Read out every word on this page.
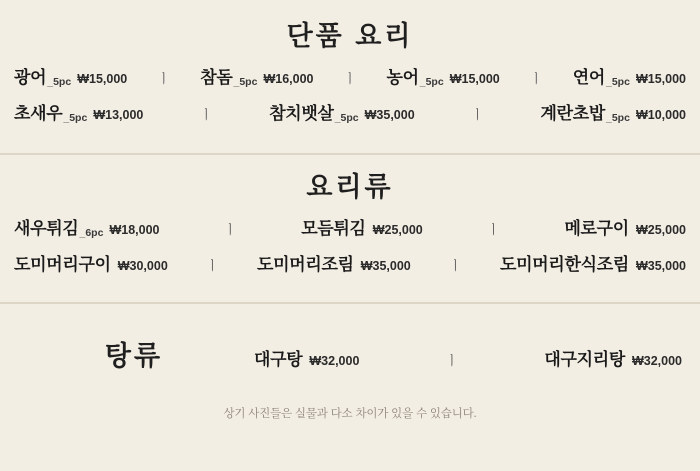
단품 요리
광어 _5pc ₩15,000 ㅣ 참돔 _5pc ₩16,000 ㅣ 농어 _5pc ₩15,000 ㅣ 연어 _5pc ₩15,000
초새우 _5pc ₩13,000	ㅣ	참치뱃살 _5pc ₩35,000	ㅣ	계란초밥 _5pc ₩10,000
요리류
새우튀김 _6pc ₩18,000	ㅣ	모듬튀김 ₩25,000	ㅣ	메로구이 ₩25,000
도미머리구이 ₩30,000	ㅣ 도미머리조림 ₩35,000	ㅣ 도미머리한식조림 ₩35,000
탕류	대구탕 ₩32,000	ㅣ	대구지리탕 ₩32,000
상기 사진들은 실물과 다소 차이가 있을 수 있습니다.
